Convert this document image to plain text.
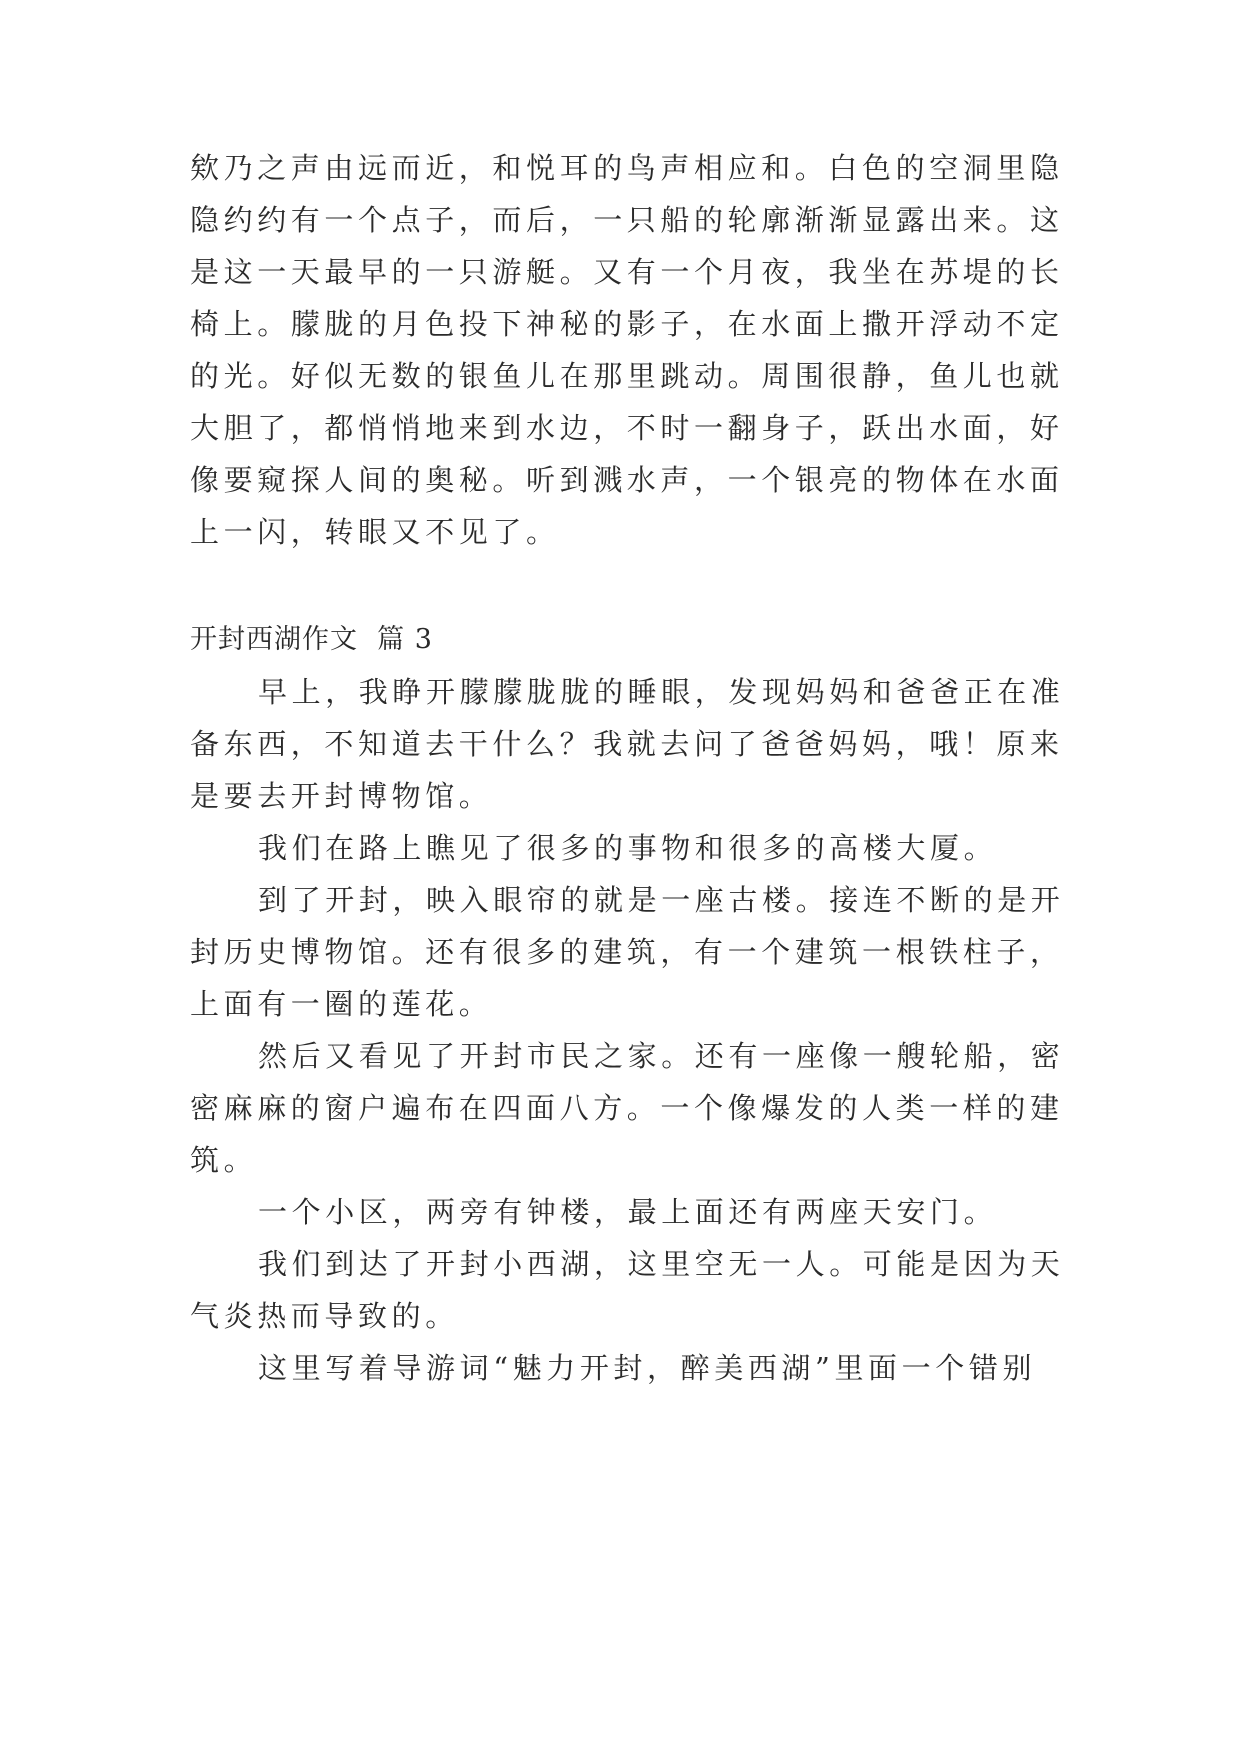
欸乃之声由远而近，和悦耳的鸟声相应和。白色的空洞里隐
隐约约有一个点子，而后，一只船的轮廓渐渐显露出来。这
是这一天最早的一只游艇。又有一个月夜，我坐在苏堤的长
椅上。朦胧的月色投下神秘的影子，在水面上撒开浮动不定
的光。好似无数的银鱼儿在那里跳动。周围很静，鱼儿也就
大胆了，都悄悄地来到水边，不时一翻身子，跃出水面，好
像要窥探人间的奥秘。听到溅水声，一个银亮的物体在水面
上一闪，转眼又不见了。
开封西湖作文  篇 3
早上，我睁开朦朦胧胧的睡眼，发现妈妈和爸爸正在准
备东西，不知道去干什么？我就去问了爸爸妈妈，哦！原来
是要去开封博物馆。
我们在路上瞧见了很多的事物和很多的高楼大厦。
到了开封，映入眼帘的就是一座古楼。接连不断的是开
封历史博物馆。还有很多的建筑，有一个建筑一根铁柱子，
上面有一圈的莲花。
然后又看见了开封市民之家。还有一座像一艘轮船，密
密麻麻的窗户遍布在四面八方。一个像爆发的人类一样的建
筑。
一个小区，两旁有钟楼，最上面还有两座天安门。
我们到达了开封小西湖，这里空无一人。可能是因为天
气炎热而导致的。
这里写着导游词“魅力开封，醉美西湖”里面一个错别
